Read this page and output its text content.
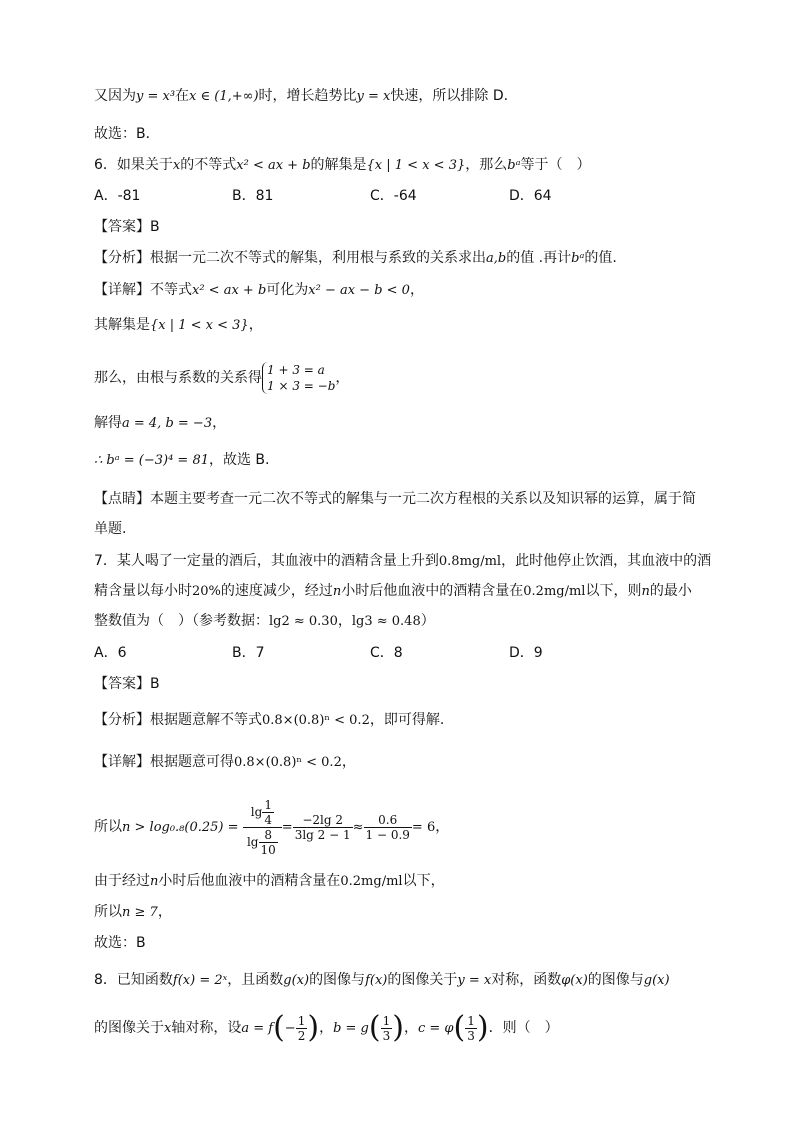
又因为y = x³在x ∈ (1,+∞)时，增长趋势比y = x快速，所以排除 D.
故选：B．
6．如果关于x的不等式x² < ax + b的解集是{x | 1 < x < 3}，那么bᵃ等于（　）
A．-81	B．81	C．-64	D．64
【答案】B
【分析】根据一元二次不等式的解集，利用根与系致的关系求出a,b的值 .再计bᵃ的值.
【详解】不等式x² < ax + b可化为x² − ax − b < 0，
其解集是{x | 1 < x < 3}，
那么，由根与系数的关系得 1 + 3 = a
1 × 3 = −b ，
解得a = 4, b = −3，
∴ bᵃ = (−3)⁴ = 81，故选 B.
【点睛】本题主要考查一元二次不等式的解集与一元二次方程根的关系以及知识幂的运算，属于简
单题.
7．某人喝了一定量的酒后，其血液中的酒精含量上升到0.8mg/ml，此时他停止饮酒，其血液中的酒
精含量以每小时20%的速度减少，经过n小时后他血液中的酒精含量在0.2mg/ml以下，则n的最小
整数值为（　）（参考数据：lg2 ≈ 0.30，lg3 ≈ 0.48）
A．6	B．7	C．8	D．9
【答案】B
【分析】根据题意解不等式0.8×(0.8)ⁿ < 0.2，即可得解.
【详解】根据题意可得0.8×(0.8)ⁿ < 0.2，
所以$n > \log_0._8(0.25) = \frac{\lg \frac{1}{4}}{\lg \frac{8}{10}} = \frac{-2\lg 2}{3\lg 2 - 1} \approx \frac{0.6}{1 - 0.9} = 6$，
由于经过n小时后他血液中的酒精含量在0.2mg/ml以下，
所以n ≥ 7，
故选：B
8．已知函数f(x) = 2ˣ，且函数g(x)的图像与f(x)的图像关于y = x对称，函数φ(x)的图像与g(x)
的图像关于x轴对称，设$a = f(- \frac{1}{2}$ )，$b = g( \frac{1}{3}$ )，$c = \varphi( \frac{1}{3}$ )．则（　）
